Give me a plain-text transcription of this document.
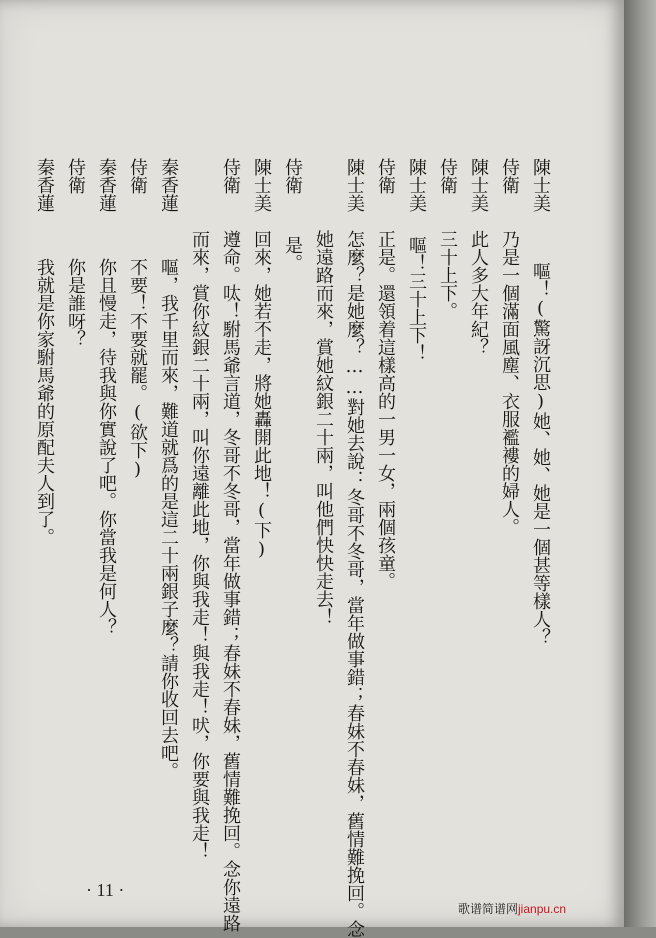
陳士美嘔！(驚訝沉思)她、她、她是一個甚等樣人？
侍衛乃是一個滿面風塵、衣服襤褸的婦人。
陳士美此人多大年紀？
侍衛三十上下。
陳士美嘔！三十上下！
侍衛正是。還領着這樣高的一男一女，兩個孩童。
陳士美怎麼？是她麼？……對她去說：冬哥不冬哥，當年做事錯；春妹不春妹，舊情難挽回。念
她遠路而來，賞她紋銀二十兩，叫他們快快走去！
侍衛是。
陳士美回來，她若不走，將她轟開此地！(下)
侍衛遵命。呔！駙馬爺言道，冬哥不冬哥，當年做事錯；春妹不春妹，舊情難挽回。念你遠路
而來，賞你紋銀二十兩，叫你遠離此地，你與我走！與我走！吠，你要與我走！
秦香蓮嘔，我千里而來，難道就爲的是這二十兩銀子麼？請你收回去吧。
侍衛不要！不要就罷。(欲下)
秦香蓮你且慢走，待我與你實說了吧。你當我是何人？
侍衛你是誰呀？
秦香蓮我就是你家駙馬爺的原配夫人到了。
· 11 ·
歌谱简谱网jianpu.cn
